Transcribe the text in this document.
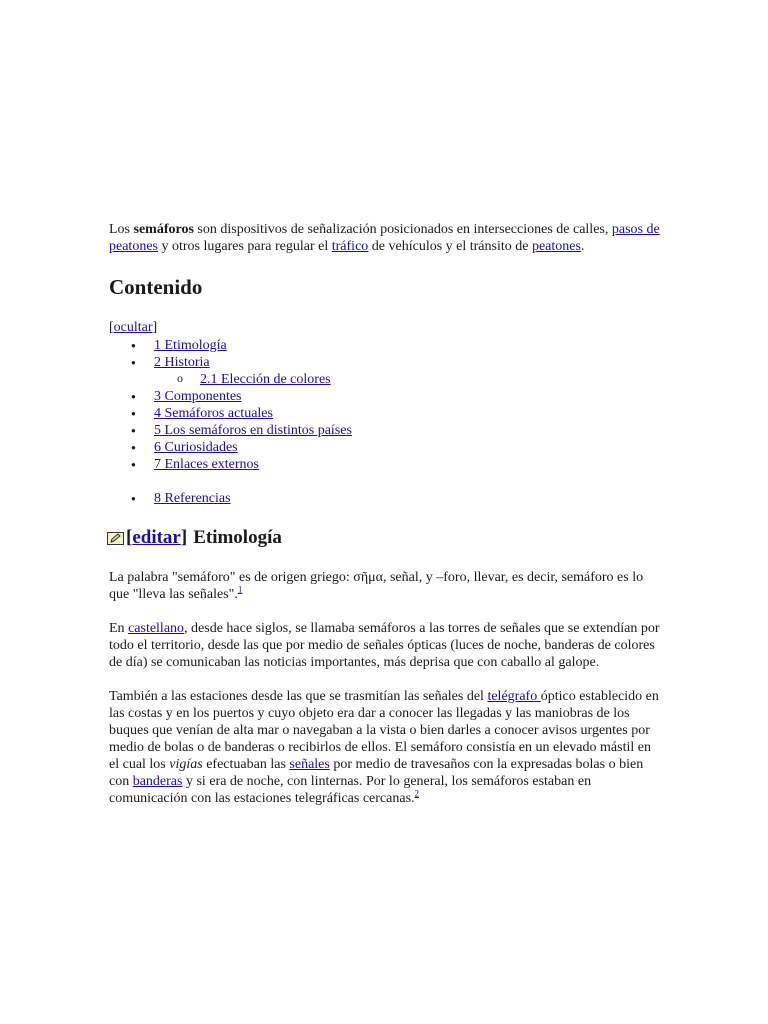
Los semáforos son dispositivos de señalización posicionados en intersecciones de calles, pasos de peatones y otros lugares para regular el tráfico de vehículos y el tránsito de peatones.

Contenido
[ocultar]
● 1 Etimología
● 2 Historia
o 2.1 Elección de colores
● 3 Componentes
● 4 Semáforos actuales
● 5 Los semáforos en distintos países
● 6 Curiosidades
● 7 Enlaces externos
● 8 Referencias
[ editar ] Etimología

La palabra "semáforo" es de origen griego: σῆμα, señal, y –foro, llevar, es decir, semáforo es lo que "lleva las señales".$^1$

En castellano, desde hace siglos, se llamaba semáforos a las torres de señales que se extendían por todo el territorio, desde las que por medio de señales ópticas (luces de noche, banderas de colores de día) se comunicaban las noticias importantes, más deprisa que con caballo al galope.

También a las estaciones desde las que se trasmitían las señales del telégrafo óptico establecido en las costas y en los puertos y cuyo objeto era dar a conocer las llegadas y las maniobras de los buques que venían de alta mar o navegaban a la vista o bien darles a conocer avisos urgentes por medio de bolas o de banderas o recibirlos de ellos. El semáforo consistía en un elevado mástil en el cual los vigías efectuaban las señales por medio de travesaños con la expresadas bolas o bien con banderas y si era de noche, con linternas. Por lo general, los semáforos estaban en comunicación con las estaciones telegráficas cercanas.$^2$
